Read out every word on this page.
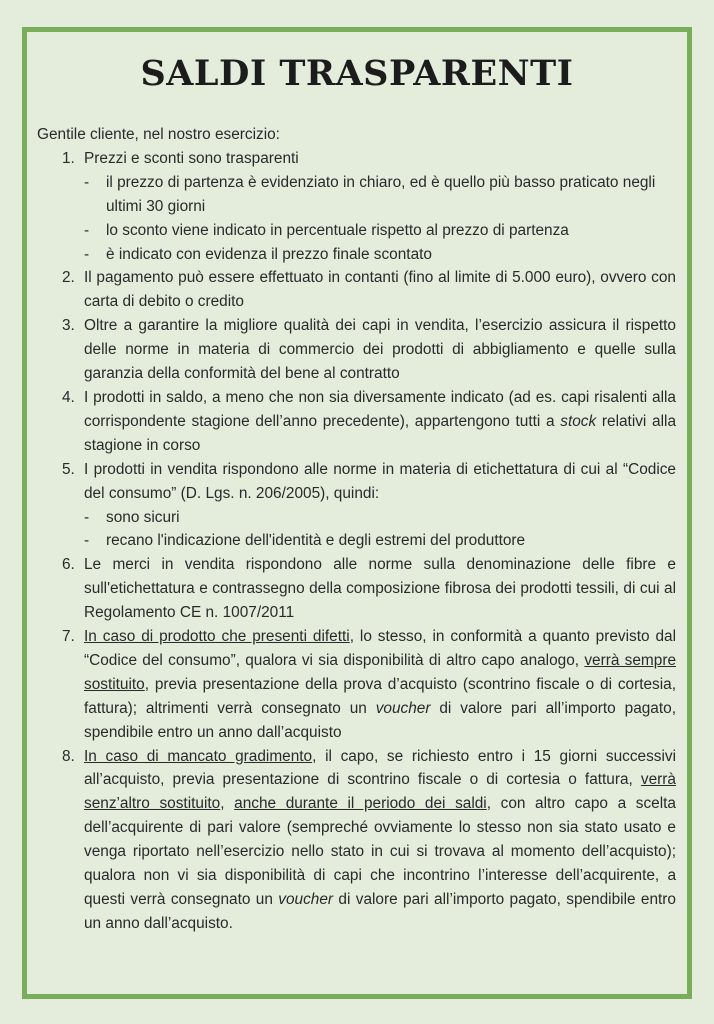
SALDI TRASPARENTI

Gentile cliente, nel nostro esercizio:

1. Prezzi e sconti sono trasparenti
- il prezzo di partenza è evidenziato in chiaro, ed è quello più basso praticato negli ultimi 30 giorni
- lo sconto viene indicato in percentuale rispetto al prezzo di partenza
- è indicato con evidenza il prezzo finale scontato
2. Il pagamento può essere effettuato in contanti (fino al limite di 5.000 euro), ovvero con carta di debito o credito
3. Oltre a garantire la migliore qualità dei capi in vendita, l’esercizio assicura il rispetto delle norme in materia di commercio dei prodotti di abbigliamento e quelle sulla garanzia della conformità del bene al contratto
4. I prodotti in saldo, a meno che non sia diversamente indicato (ad es. capi risalenti alla corrispondente stagione dell’anno precedente), appartengono tutti a stock relativi alla stagione in corso
5. I prodotti in vendita rispondono alle norme in materia di etichettatura di cui al “Codice del consumo” (D. Lgs. n. 206/2005), quindi:
- sono sicuri
- recano l'indicazione dell'identità e degli estremi del produttore
6. Le merci in vendita rispondono alle norme sulla denominazione delle fibre e sull'etichettatura e contrassegno della composizione fibrosa dei prodotti tessili, di cui al Regolamento CE n. 1007/2011
7. In caso di prodotto che presenti difetti, lo stesso, in conformità a quanto previsto dal “Codice del consumo”, qualora vi sia disponibilità di altro capo analogo, verrà sempre sostituito, previa presentazione della prova d’acquisto (scontrino fiscale o di cortesia, fattura); altrimenti verrà consegnato un voucher di valore pari all’importo pagato, spendibile entro un anno dall’acquisto
8. In caso di mancato gradimento, il capo, se richiesto entro i 15 giorni successivi all’acquisto, previa presentazione di scontrino fiscale o di cortesia o fattura, verrà senz’altro sostituito, anche durante il periodo dei saldi, con altro capo a scelta dell’acquirente di pari valore (sempreché ovviamente lo stesso non sia stato usato e venga riportato nell’esercizio nello stato in cui si trovava al momento dell’acquisto); qualora non vi sia disponibilità di capi che incontrino l’interesse dell’acquirente, a questi verrà consegnato un voucher di valore pari all’importo pagato, spendibile entro un anno dall’acquisto.
